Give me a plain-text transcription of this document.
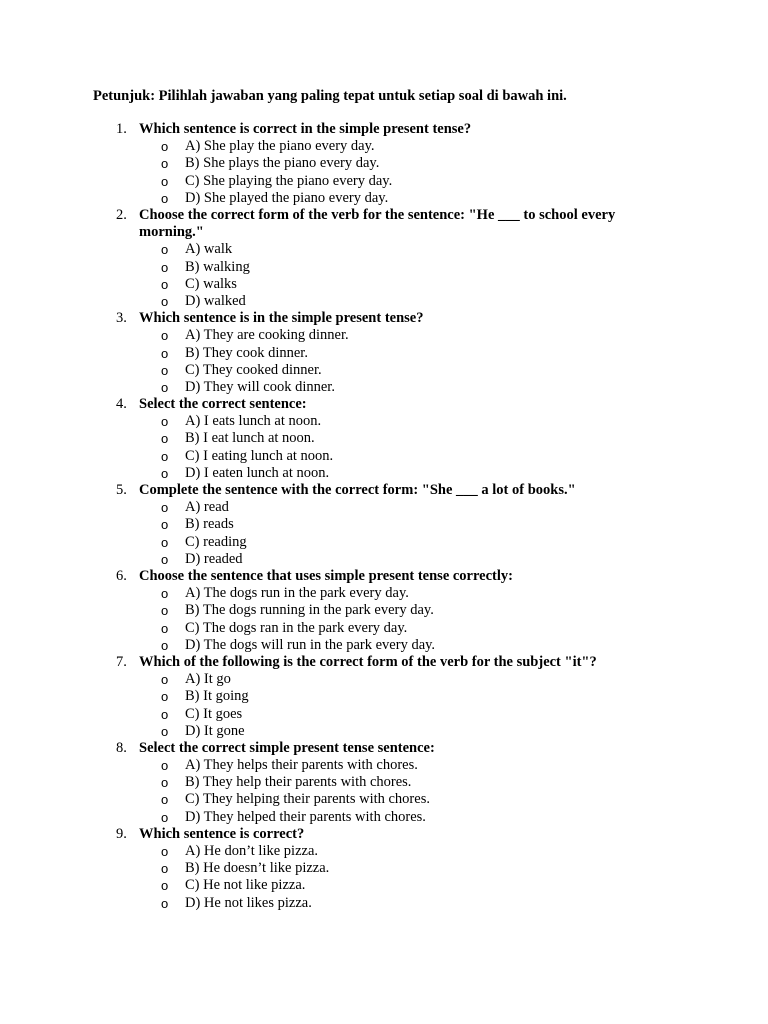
Petunjuk: Pilihlah jawaban yang paling tepat untuk setiap soal di bawah ini.
1. Which sentence is correct in the simple present tense?
o A) She play the piano every day.
o B) She plays the piano every day.
o C) She playing the piano every day.
o D) She played the piano every day.
2. Choose the correct form of the verb for the sentence: "He ___ to school every morning."
o A) walk
o B) walking
o C) walks
o D) walked
3. Which sentence is in the simple present tense?
o A) They are cooking dinner.
o B) They cook dinner.
o C) They cooked dinner.
o D) They will cook dinner.
4. Select the correct sentence:
o A) I eats lunch at noon.
o B) I eat lunch at noon.
o C) I eating lunch at noon.
o D) I eaten lunch at noon.
5. Complete the sentence with the correct form: "She ___ a lot of books."
o A) read
o B) reads
o C) reading
o D) readed
6. Choose the sentence that uses simple present tense correctly:
o A) The dogs run in the park every day.
o B) The dogs running in the park every day.
o C) The dogs ran in the park every day.
o D) The dogs will run in the park every day.
7. Which of the following is the correct form of the verb for the subject "it"?
o A) It go
o B) It going
o C) It goes
o D) It gone
8. Select the correct simple present tense sentence:
o A) They helps their parents with chores.
o B) They help their parents with chores.
o C) They helping their parents with chores.
o D) They helped their parents with chores.
9. Which sentence is correct?
o A) He don’t like pizza.
o B) He doesn’t like pizza.
o C) He not like pizza.
o D) He not likes pizza.
